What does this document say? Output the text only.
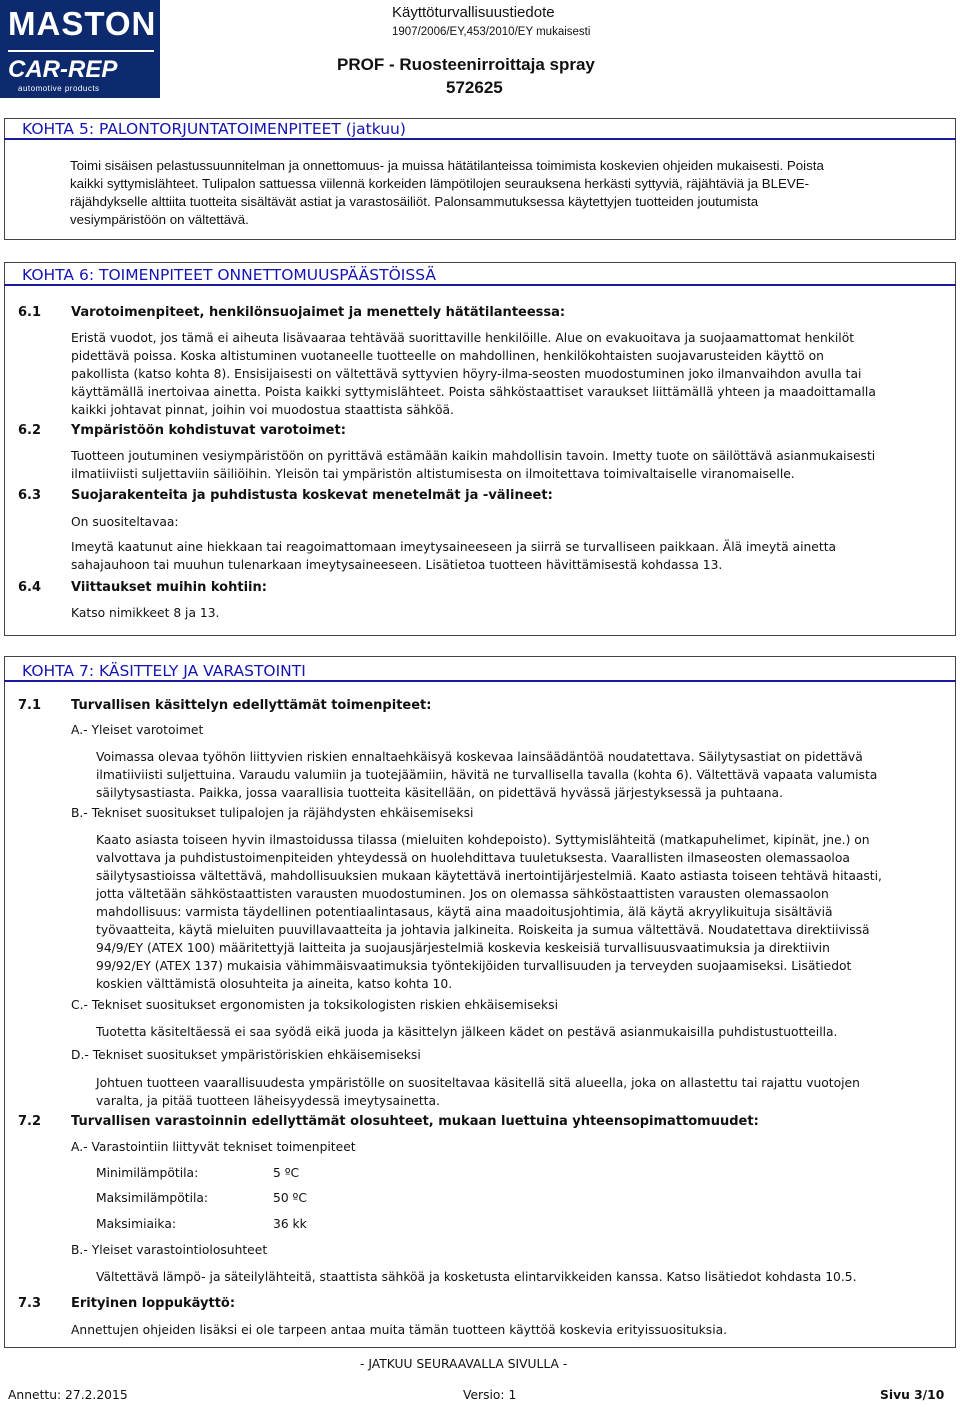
MASTON
CAR-REP
automotive products
Käyttöturvallisuustiedote
1907/2006/EY,453/2010/EY mukaisesti
PROF - Ruosteenirroittaja spray
572625
KOHTA 5: PALONTORJUNTATOIMENPITEET (jatkuu)
Toimi sisäisen pelastussuunnitelman ja onnettomuus- ja muissa hätätilanteissa toimimista koskevien ohjeiden mukaisesti. Poista
kaikki syttymislähteet. Tulipalon sattuessa viilennä korkeiden lämpötilojen seurauksena herkästi syttyviä, räjähtäviä ja BLEVE-
räjähdykselle alttiita tuotteita sisältävät astiat ja varastosäiliöt. Palonsammutuksessa käytettyjen tuotteiden joutumista
vesiympäristöön on vältettävä.
KOHTA 6: TOIMENPITEET ONNETTOMUUSPÄÄSTÖISSÄ
6.1 Varotoimenpiteet, henkilönsuojaimet ja menettely hätätilanteessa:
Eristä vuodot, jos tämä ei aiheuta lisävaaraa tehtävää suorittaville henkilöille. Alue on evakuoitava ja suojaamattomat henkilöt
pidettävä poissa. Koska altistuminen vuotaneelle tuotteelle on mahdollinen, henkilökohtaisten suojavarusteiden käyttö on
pakollista (katso kohta 8). Ensisijaisesti on vältettävä syttyvien höyry-ilma-seosten muodostuminen joko ilmanvaihdon avulla tai
käyttämällä inertoivaa ainetta. Poista kaikki syttymislähteet. Poista sähköstaattiset varaukset liittämällä yhteen ja maadoittamalla
kaikki johtavat pinnat, joihin voi muodostua staattista sähköä.
6.2 Ympäristöön kohdistuvat varotoimet:
Tuotteen joutuminen vesiympäristöön on pyrittävä estämään kaikin mahdollisin tavoin. Imetty tuote on säilöttävä asianmukaisesti
ilmatiiviisti suljettaviin säiliöihin. Yleisön tai ympäristön altistumisesta on ilmoitettava toimivaltaiselle viranomaiselle.
6.3 Suojarakenteita ja puhdistusta koskevat menetelmät ja -välineet:
On suositeltavaa:
Imeytä kaatunut aine hiekkaan tai reagoimattomaan imeytysaineeseen ja siirrä se turvalliseen paikkaan. Älä imeytä ainetta
sahajauhoon tai muuhun tulenarkaan imeytysaineeseen. Lisätietoa tuotteen hävittämisestä kohdassa 13.
6.4 Viittaukset muihin kohtiin:
Katso nimikkeet 8 ja 13.
KOHTA 7: KÄSITTELY JA VARASTOINTI
7.1 Turvallisen käsittelyn edellyttämät toimenpiteet:
A.- Yleiset varotoimet
Voimassa olevaa työhön liittyvien riskien ennaltaehkäisyä koskevaa lainsäädäntöä noudatettava. Säilytysastiat on pidettävä
ilmatiiviisti suljettuina. Varaudu valumiin ja tuotejäämiin, hävitä ne turvallisella tavalla (kohta 6). Vältettävä vapaata valumista
säilytysastiasta. Paikka, jossa vaarallisia tuotteita käsitellään, on pidettävä hyvässä järjestyksessä ja puhtaana.
B.- Tekniset suositukset tulipalojen ja räjähdysten ehkäisemiseksi
Kaato asiasta toiseen hyvin ilmastoidussa tilassa (mieluiten kohdepoisto). Syttymislähteitä (matkapuhelimet, kipinät, jne.) on
valvottava ja puhdistustoimenpiteiden yhteydessä on huolehdittava tuuletuksesta. Vaarallisten ilmaseosten olemassaoloa
säilytysastioissa vältettävä, mahdollisuuksien mukaan käytettävä inertointijärjestelmiä. Kaato astiasta toiseen tehtävä hitaasti,
jotta vältetään sähköstaattisten varausten muodostuminen. Jos on olemassa sähköstaattisten varausten olemassaolon
mahdollisuus: varmista täydellinen potentiaalintasaus, käytä aina maadoitusjohtimia, älä käytä akryylikuituja sisältäviä
työvaatteita, käytä mieluiten puuvillavaatteita ja johtavia jalkineita. Roiskeita ja sumua vältettävä. Noudatettava direktiivissä
94/9/EY (ATEX 100) määritettyjä laitteita ja suojausjärjestelmiä koskevia keskeisiä turvallisuusvaatimuksia ja direktiivin
99/92/EY (ATEX 137) mukaisia vähimmäisvaatimuksia työntekijöiden turvallisuuden ja terveyden suojaamiseksi. Lisätiedot
koskien välttämistä olosuhteita ja aineita, katso kohta 10.
C.- Tekniset suositukset ergonomisten ja toksikologisten riskien ehkäisemiseksi
Tuotetta käsiteltäessä ei saa syödä eikä juoda ja käsittelyn jälkeen kädet on pestävä asianmukaisilla puhdistustuotteilla.
D.- Tekniset suositukset ympäristöriskien ehkäisemiseksi
Johtuen tuotteen vaarallisuudesta ympäristölle on suositeltavaa käsitellä sitä alueella, joka on allastettu tai rajattu vuotojen
varalta, ja pitää tuotteen läheisyydessä imeytysainetta.
7.2 Turvallisen varastoinnin edellyttämät olosuhteet, mukaan luettuina yhteensopimattomuudet:
A.- Varastointiin liittyvät tekniset toimenpiteet
Minimilämpötila:	5 ºC
Maksimilämpötila:	50 ºC
Maksimiaika:	36 kk
B.- Yleiset varastointiolosuhteet
Vältettävä lämpö- ja säteilylähteitä, staattista sähköä ja kosketusta elintarvikkeiden kanssa. Katso lisätiedot kohdasta 10.5.
7.3 Erityinen loppukäyttö:
Annettujen ohjeiden lisäksi ei ole tarpeen antaa muita tämän tuotteen käyttöä koskevia erityissuosituksia.
- JATKUU SEURAAVALLA SIVULLA -
Annettu: 27.2.2015	Versio: 1	Sivu 3/10
